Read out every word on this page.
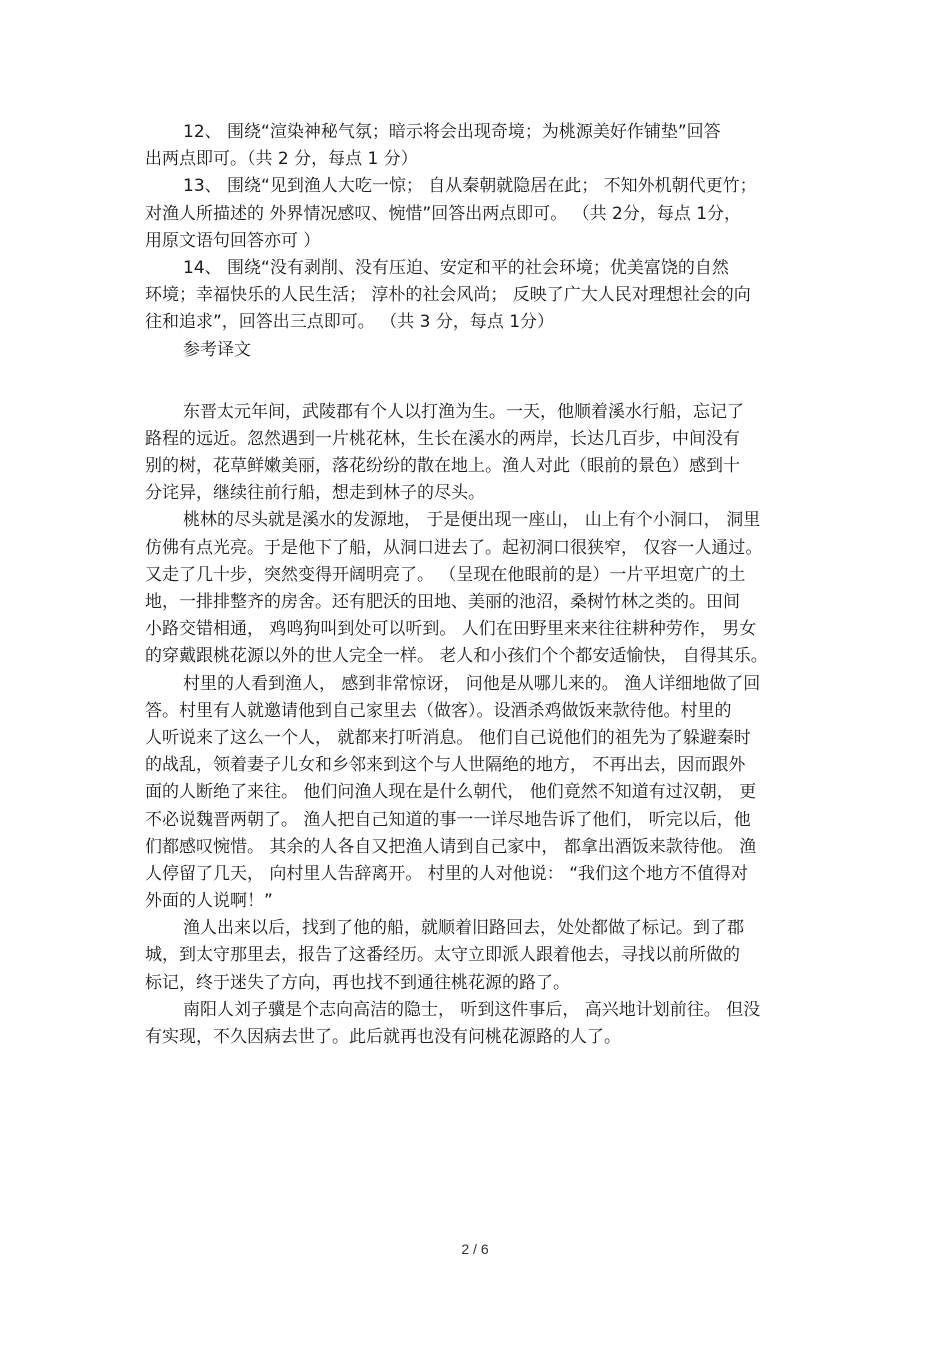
12、 围绕“渲染神秘气氛；暗示将会出现奇境；为桃源美好作铺垫”回答
出两点即可。（共 2 分，每点 1 分）
13、 围绕“见到渔人大吃一惊； 自从秦朝就隐居在此； 不知外机朝代更竹；
对渔人所描述的 外界情况感叹、惋惜”回答出两点即可。 （共 2分，每点 1分，
用原文语句回答亦可 ）
14、 围绕“没有剥削、没有压迫、安定和平的社会环境；优美富饶的自然
环境；幸福快乐的人民生活； 淳朴的社会风尚； 反映了广大人民对理想社会的向
往和追求”，回答出三点即可。 （共 3 分，每点 1分）
参考译文
东晋太元年间，武陵郡有个人以打渔为生。一天，他顺着溪水行船，忘记了
路程的远近。忽然遇到一片桃花林，生长在溪水的两岸，长达几百步，中间没有
别的树，花草鲜嫩美丽，落花纷纷的散在地上。渔人对此（眼前的景色）感到十
分诧异，继续往前行船，想走到林子的尽头。
桃林的尽头就是溪水的发源地， 于是便出现一座山， 山上有个小洞口， 洞里
仿佛有点光亮。于是他下了船，从洞口进去了。起初洞口很狭窄， 仅容一人通过。
又走了几十步，突然变得开阔明亮了。 （呈现在他眼前的是）一片平坦宽广的土
地，一排排整齐的房舍。还有肥沃的田地、美丽的池沼，桑树竹林之类的。田间
小路交错相通， 鸡鸣狗叫到处可以听到。 人们在田野里来来往往耕种劳作， 男女
的穿戴跟桃花源以外的世人完全一样。 老人和小孩们个个都安适愉快， 自得其乐。
村里的人看到渔人， 感到非常惊讶， 问他是从哪儿来的。 渔人详细地做了回
答。村里有人就邀请他到自己家里去（做客）。设酒杀鸡做饭来款待他。村里的
人听说来了这么一个人， 就都来打听消息。 他们自己说他们的祖先为了躲避秦时
的战乱，领着妻子儿女和乡邻来到这个与人世隔绝的地方， 不再出去，因而跟外
面的人断绝了来往。 他们问渔人现在是什么朝代， 他们竟然不知道有过汉朝， 更
不必说魏晋两朝了。 渔人把自己知道的事一一详尽地告诉了他们， 听完以后，他
们都感叹惋惜。 其余的人各自又把渔人请到自己家中， 都拿出酒饭来款待他。 渔
人停留了几天， 向村里人告辞离开。 村里的人对他说： “我们这个地方不值得对
外面的人说啊！”
渔人出来以后，找到了他的船，就顺着旧路回去，处处都做了标记。到了郡
城，到太守那里去，报告了这番经历。太守立即派人跟着他去，寻找以前所做的
标记，终于迷失了方向，再也找不到通往桃花源的路了。
南阳人刘子骥是个志向高洁的隐士， 听到这件事后， 高兴地计划前往。 但没
有实现，不久因病去世了。此后就再也没有问桃花源路的人了。
2 / 6
